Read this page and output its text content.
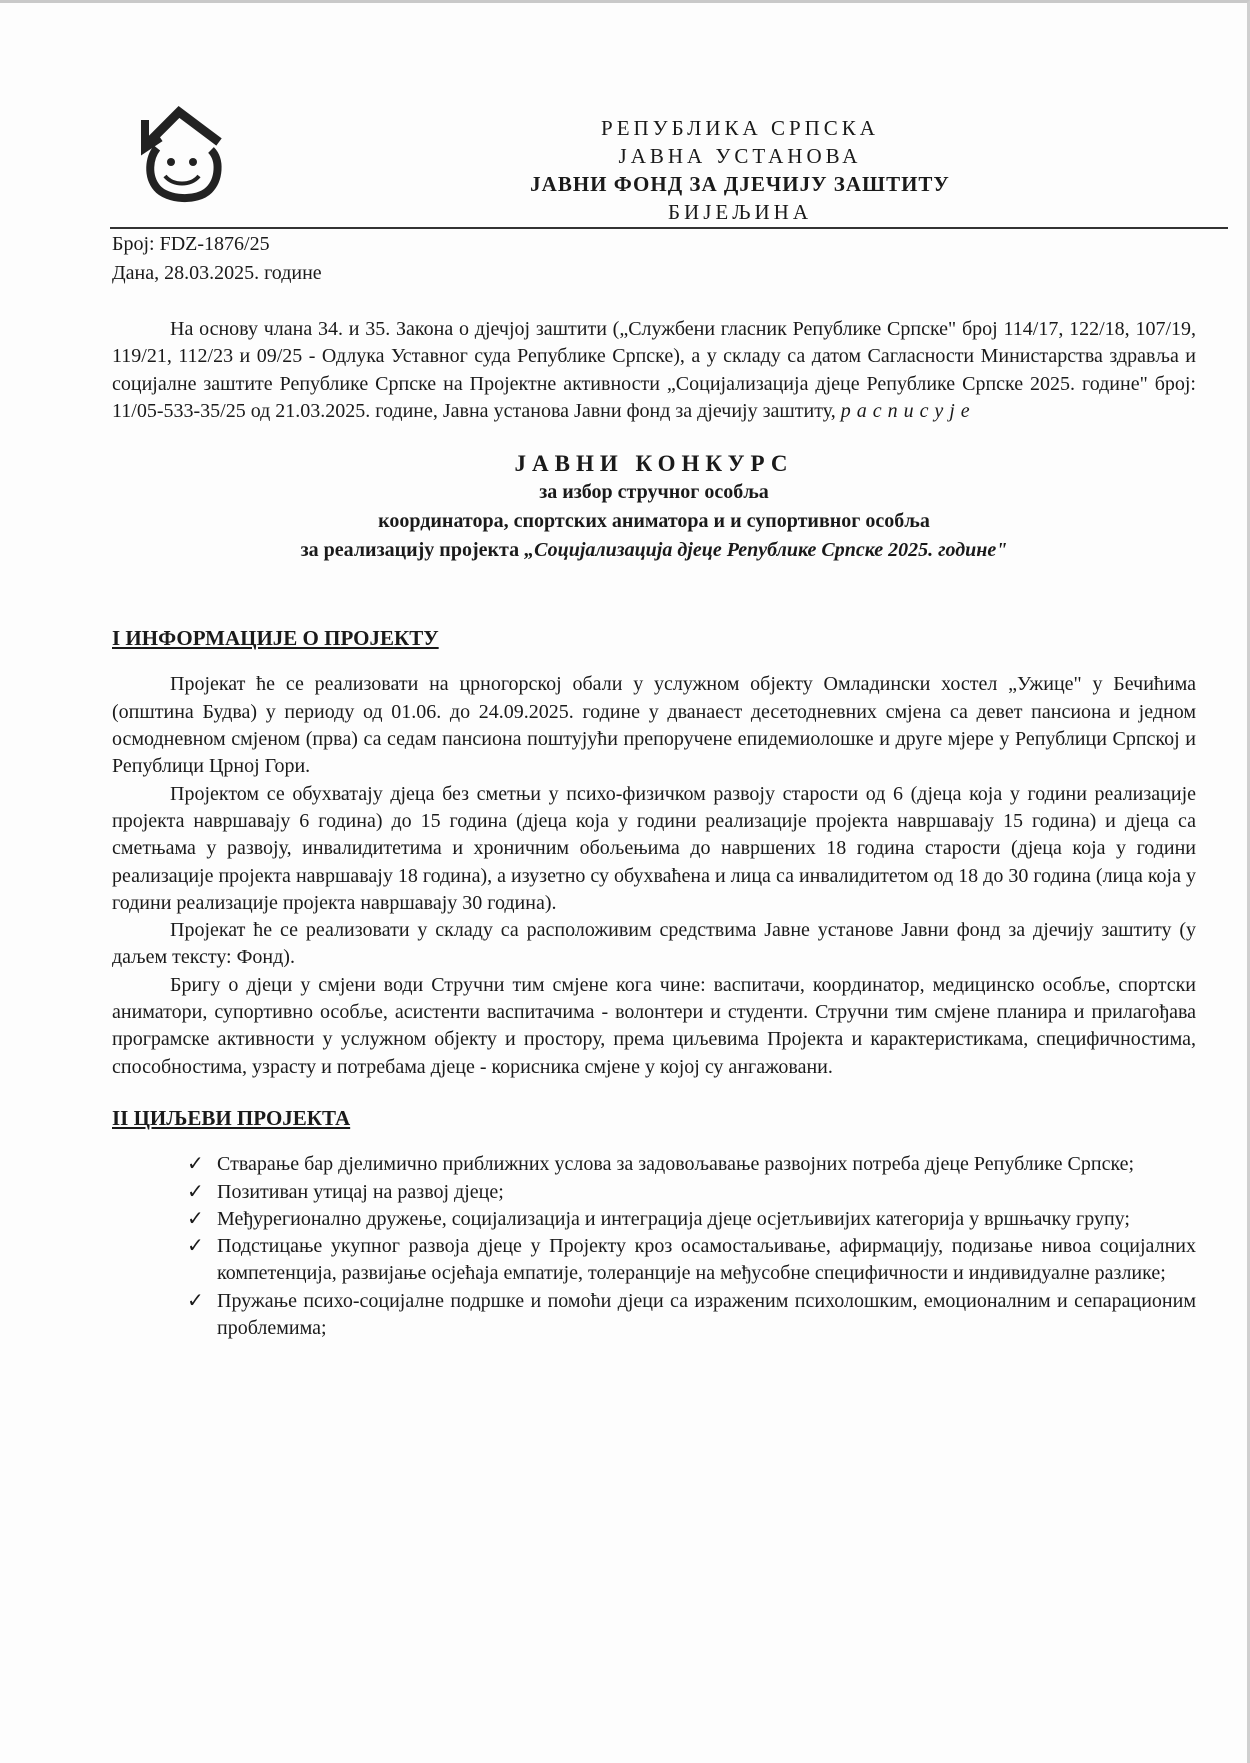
РЕПУБЛИКА СРПСКА
ЈАВНА УСТАНОВА
ЈАВНИ ФОНД ЗА ДЈЕЧИЈУ ЗАШТИТУ
БИЈЕЉИНА
Број: FDZ-1876/25
Дана, 28.03.2025. године

На основу члана 34. и 35. Закона о дјечјој заштити („Службени гласник Републике Српске" број 114/17, 122/18, 107/19, 119/21, 112/23 и 09/25 - Одлука Уставног суда Републике Српске), а у складу са датом Сагласности Министарства здравља и социјалне заштите Републике Српске на Пројектне активности „Социјализација дјеце Републике Српске 2025. године" број: 11/05-533-35/25 од 21.03.2025. године, Јавна установа Јавни фонд за дјечију заштиту, расписује

ЈАВНИ КОНКУРС
за избор стручног особља
координатора, спортских аниматора и и супортивног особља
за реализацију пројекта „Социјализација дјеце Републике Српске 2025. године"
I ИНФОРМАЦИЈЕ О ПРОЈЕКТУ

Пројекат ће се реализовати на црногорској обали у услужном објекту Омладински хостел „Ужице" у Бечићима (општина Будва) у периоду од 01.06. до 24.09.2025. године у дванаест десетодневних смјена са девет пансиона и једном осмодневном смјеном (прва) са седам пансиона поштујући препоручене епидемиолошке и друге мјере у Републици Српској и Републици Црној Гори.

Пројектом се обухватају дјеца без сметњи у психо-физичком развоју старости од 6 (дјеца која у години реализације пројекта навршавају 6 година) до 15 година (дјеца која у години реализације пројекта навршавају 15 година) и дјеца са сметњама у развоју, инвалидитетима и хроничним обољењима до навршених 18 година старости (дјеца која у години реализације пројекта навршавају 18 година), а изузетно су обухваћена и лица са инвалидитетом од 18 до 30 година (лица која у години реализације пројекта навршавају 30 година).

Пројекат ће се реализовати у складу са расположивим средствима Јавне установе Јавни фонд за дјечију заштиту (у даљем тексту: Фонд).

Бригу о дјеци у смјени води Стручни тим смјене кога чине: васпитачи, координатор, медицинско особље, спортски аниматори, супортивно особље, асистенти васпитачима - волонтери и студенти. Стручни тим смјене планира и прилагођава програмске активности у услужном објекту и простору, према циљевима Пројекта и карактеристикама, специфичностима, способностима, узрасту и потребама дјеце - корисника смјене у којој су ангажовани.

II ЦИЉЕВИ ПРОЈЕКТА
✓ Стварање бар дјелимично приближних услова за задовољавање развојних потреба дјеце Републике Српске;
✓ Позитиван утицај на развој дјеце;
✓ Међурегионално дружење, социјализација и интеграција дјеце осјетљивијих категорија у вршњачку групу;
✓ Подстицање укупног развоја дјеце у Пројекту кроз осамостаљивање, афирмацију, подизање нивоа социјалних компетенција, развијање осјећаја емпатије, толеранције на међусобне специфичности и индивидуалне разлике;
✓ Пружање психо-социјалне подршке и помоћи дјеци са израженим психолошким, емоционалним и сепарационим проблемима;
